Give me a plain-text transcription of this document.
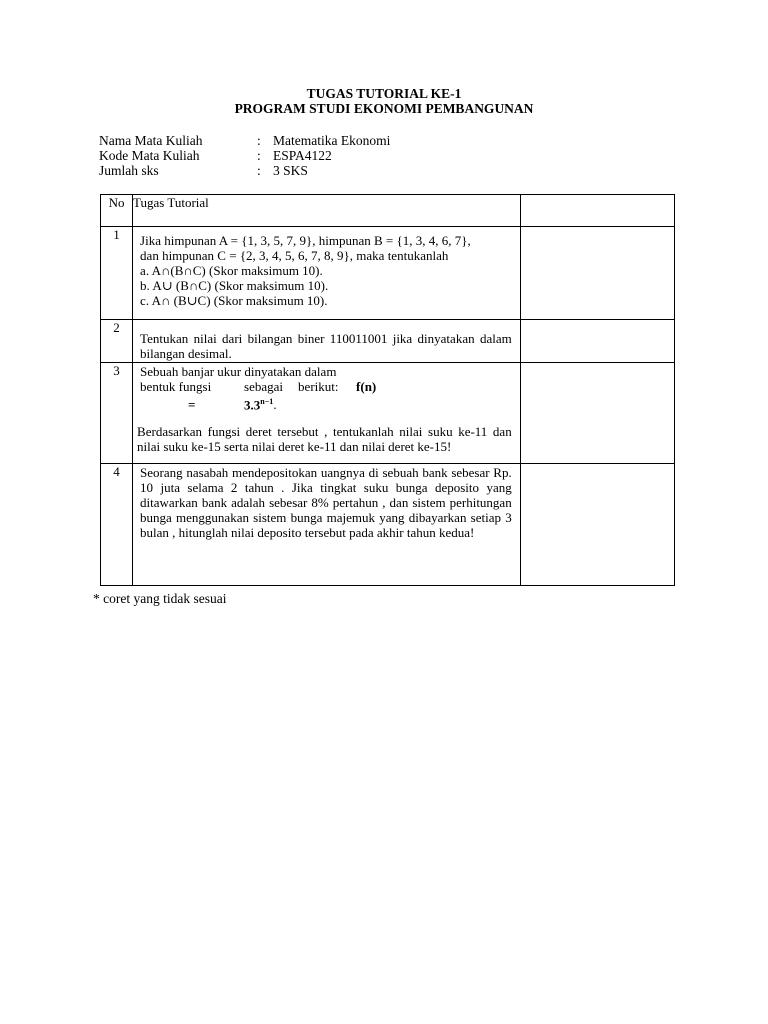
TUGAS TUTORIAL KE-1
PROGRAM STUDI EKONOMI PEMBANGUNAN
Nama Mata Kuliah	: Matematika Ekonomi
Kode Mata Kuliah	: ESPA4122
Jumlah sks	: 3 SKS
No	Tugas Tutorial	
1	Jika himpunan A = {1, 3, 5, 7, 9}, himpunan B = {1, 3, 4, 6, 7},

dan himpunan C = {2, 3, 4, 5, 6, 7, 8, 9}, maka tentukanlah

a. A∩(B∩C) (Skor maksimum 10).

b. A∪ (B∩C) (Skor maksimum 10).

c. A∩ (B∪C) (Skor maksimum 10).	

2	Tentukan nilai dari bilangan biner 110011001 jika dinyatakan dalam bilangan desimal.	

3	Sebuah banjar ukur dinyatakan dalam

bentuk fungsi sebagai berikut: f(n)

= $3.3^{n-1}$.

Berdasarkan fungsi deret tersebut , tentukanlah nilai suku ke-11 dan nilai suku ke-15 serta nilai deret ke-11 dan nilai deret ke-15!	

4	Seorang nasabah mendepositokan uangnya di sebuah bank sebesar Rp. 10 juta selama 2 tahun . Jika tingkat suku bunga deposito yang ditawarkan bank adalah sebesar 8% pertahun , dan sistem perhitungan bunga menggunakan sistem bunga majemuk yang dibayarkan setiap 3 bulan , hitunglah nilai deposito tersebut pada akhir tahun kedua!	

* coret yang tidak sesuai
